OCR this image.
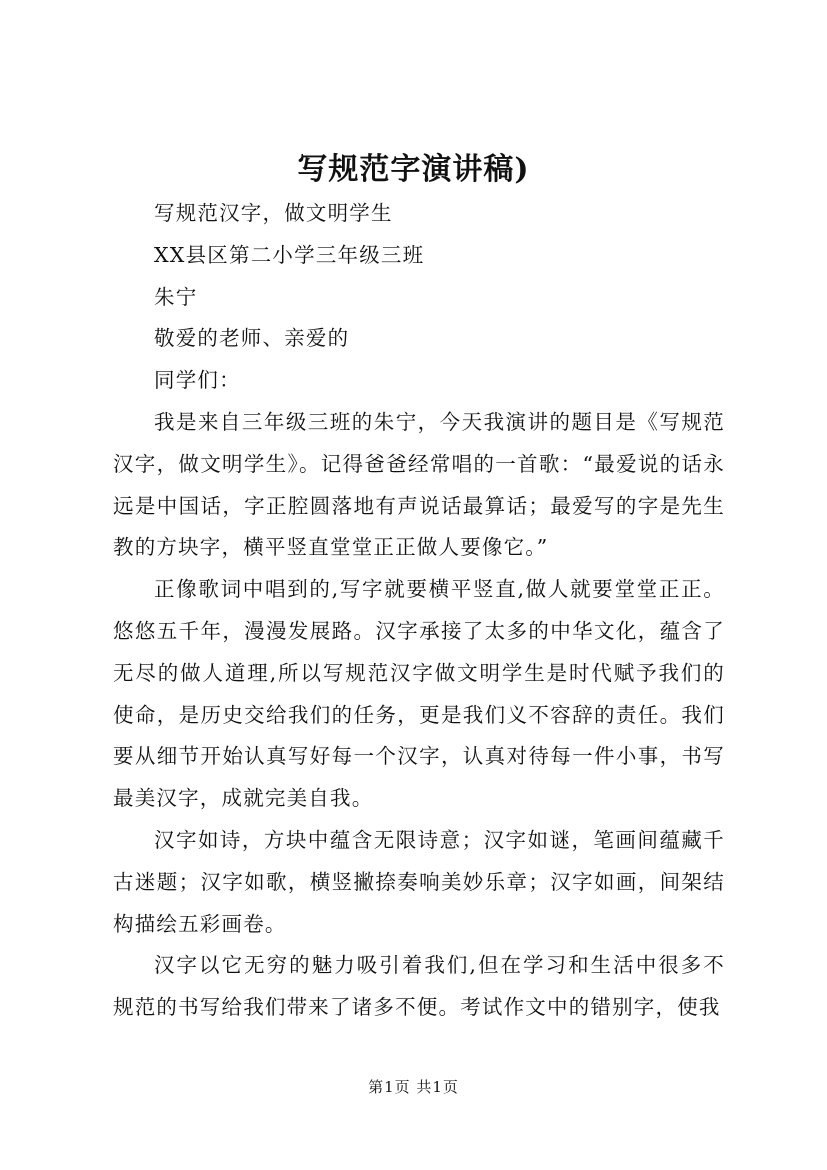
写规范字演讲稿)

写规范汉字，做文明学生

XX县区第二小学三年级三班

朱宁

敬爱的老师、亲爱的

同学们：

我是来自三年级三班的朱宁，今天我演讲的题目是《写规范汉字，做文明学生》。记得爸爸经常唱的一首歌：“最爱说的话永远是中国话，字正腔圆落地有声说话最算话；最爱写的字是先生教的方块字，横平竖直堂堂正正做人要像它。”

正像歌词中唱到的,写字就要横平竖直,做人就要堂堂正正。悠悠五千年，漫漫发展路。汉字承接了太多的中华文化，蕴含了无尽的做人道理,所以写规范汉字做文明学生是时代赋予我们的使命，是历史交给我们的任务，更是我们义不容辞的责任。我们要从细节开始认真写好每一个汉字，认真对待每一件小事，书写最美汉字，成就完美自我。

汉字如诗，方块中蕴含无限诗意；汉字如谜，笔画间蕴藏千古迷题；汉字如歌，横竖撇捺奏响美妙乐章；汉字如画，间架结构描绘五彩画卷。

汉字以它无穷的魅力吸引着我们,但在学习和生活中很多不规范的书写给我们带来了诸多不便。考试作文中的错别字，使我

第1页 共1页
